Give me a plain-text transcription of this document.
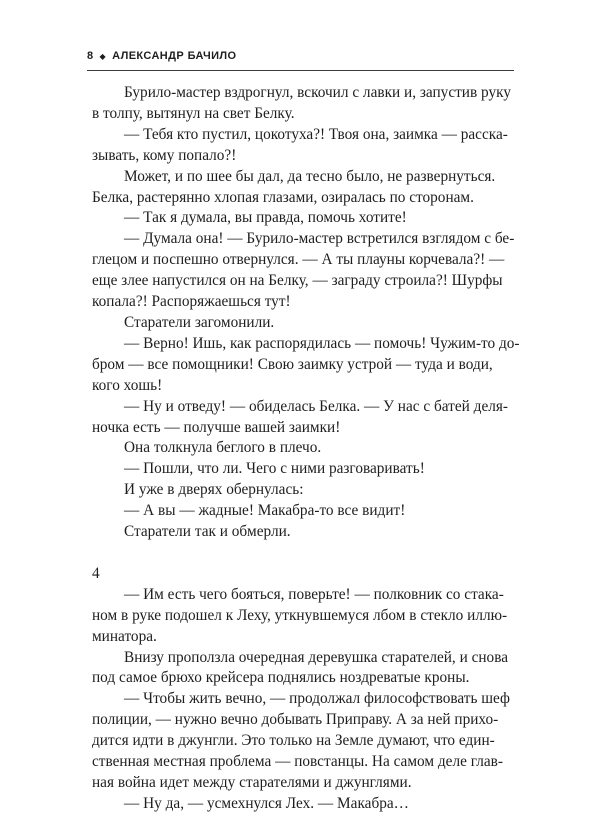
8 ◆ АЛЕКСАНДР БАЧИЛО

Бурило-мастер вздрогнул, вскочил с лавки и, запустив руку

в толпу, вытянул на свет Белку.

— Тебя кто пустил, цокотуха?! Твоя она, заимка — расска-

зывать, кому попало?!

Может, и по шее бы дал, да тесно было, не развернуться.

Белка, растерянно хлопая глазами, озиралась по сторонам.

— Так я думала, вы правда, помочь хотите!

— Думала она! — Бурило-мастер встретился взглядом с бе-

глецом и поспешно отвернулся. — А ты плауны корчевала?! —

еще злее напустился он на Белку, — заграду строила?! Шурфы

копала?! Распоряжаешься тут!

Старатели загомонили.

— Верно! Ишь, как распорядилась — помочь! Чужим-то до-

бром — все помощники! Свою заимку устрой — туда и води,

кого хошь!

— Ну и отведу! — обиделась Белка. — У нас с батей деля-

ночка есть — получше вашей заимки!

Она толкнула беглого в плечо.

— Пошли, что ли. Чего с ними разговаривать!

И уже в дверях обернулась:

— А вы — жадные! Макабра-то все видит!

Старатели так и обмерли.

4

— Им есть чего бояться, поверьте! — полковник со стака-

ном в руке подошел к Леху, уткнувшемуся лбом в стекло иллю-

минатора.

Внизу проползла очередная деревушка старателей, и снова

под самое брюхо крейсера поднялись ноздреватые кроны.

— Чтобы жить вечно, — продолжал философствовать шеф

полиции, — нужно вечно добывать Приправу. А за ней прихо-

дится идти в джунгли. Это только на Земле думают, что един-

ственная местная проблема — повстанцы. На самом деле глав-

ная война идет между старателями и джунглями.

— Ну да, — усмехнулся Лех. — Макабра…
